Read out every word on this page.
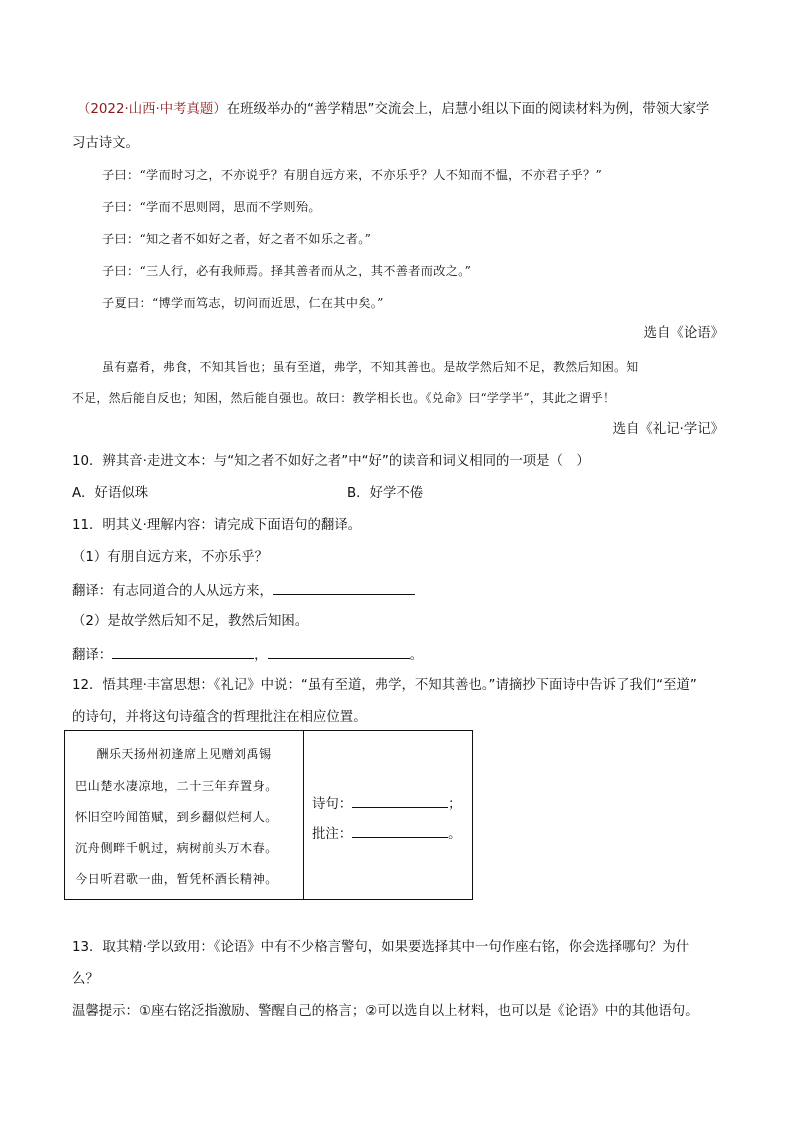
（2022·山西·中考真题）在班级举办的“善学精思”交流会上，启慧小组以下面的阅读材料为例，带领大家学
习古诗文。
子曰：“学而时习之，不亦说乎？有朋自远方来，不亦乐乎？人不知而不愠，不亦君子乎？”
子曰：“学而不思则罔，思而不学则殆。
子曰：“知之者不如好之者，好之者不如乐之者。”
子曰：“三人行，必有我师焉。择其善者而从之，其不善者而改之。”
子夏曰：“博学而笃志，切问而近思，仁在其中矣。”
选自《论语》
虽有嘉肴，弗食，不知其旨也；虽有至道，弗学，不知其善也。是故学然后知不足，教然后知困。知
不足，然后能自反也；知困，然后能自强也。故曰：教学相长也。《兑命》曰“学学半”，其此之谓乎！
选自《礼记·学记》
10．辨其音·走进文本：与“知之者不如好之者”中“好”的读音和词义相同的一项是（　）
A．好语似珠	B．好学不倦
11．明其义·理解内容：请完成下面语句的翻译。
（1）有朋自远方来，不亦乐乎？
翻译：有志同道合的人从远方来，
（2）是故学然后知不足，教然后知困。
翻译：	，	。
12．悟其理·丰富思想：《礼记》中说：“虽有至道，弗学，不知其善也。”请摘抄下面诗中告诉了我们“至道”
的诗句，并将这句诗蕴含的哲理批注在相应位置。
酬乐天扬州初逢席上见赠刘禹锡
巴山楚水凄凉地，二十三年弃置身。
怀旧空吟闻笛赋，到乡翻似烂柯人。
沉舟侧畔千帆过，病树前头万木春。
今日听君歌一曲，暂凭杯酒长精神。
诗句：	；
批注：	。
13．取其精·学以致用：《论语》中有不少格言警句，如果要选择其中一句作座右铭，你会选择哪句？为什
么？
温馨提示：①座右铭泛指激励、警醒自己的格言；②可以选自以上材料，也可以是《论语》中的其他语句。
